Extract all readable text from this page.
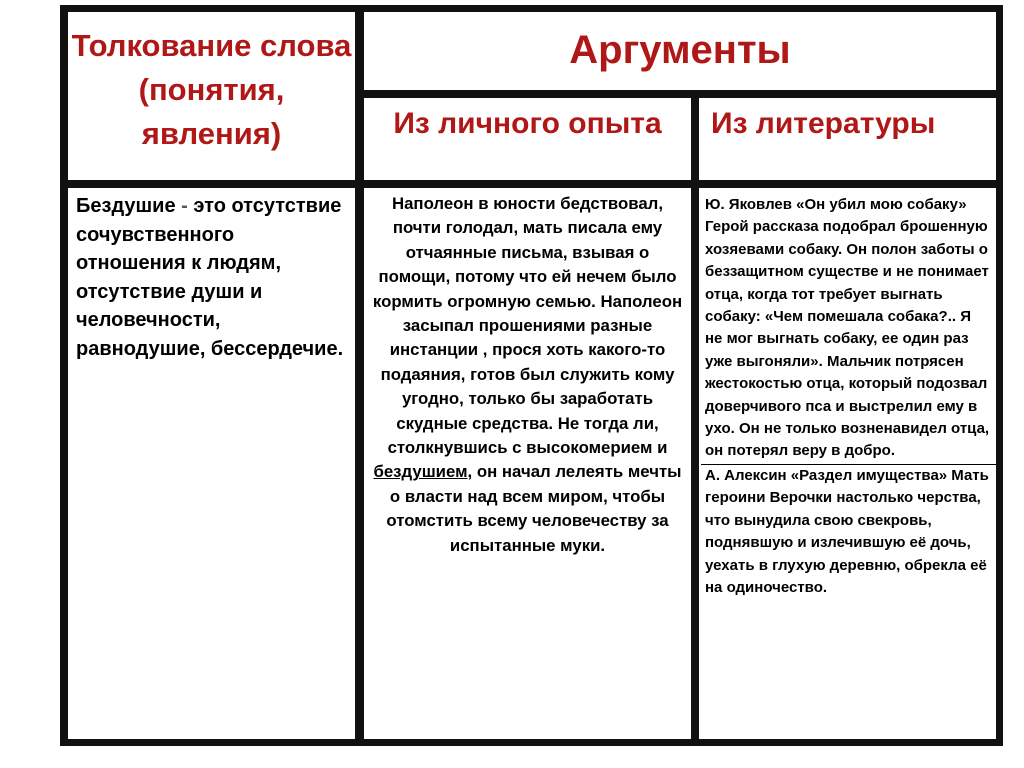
Толкование слова (понятия, явления)
Аргументы
Из личного опыта	Из литературы
Бездушие - это отсутствие сочувственного отношения к людям, отсутствие души и человечности, равнодушие, бессердечие.
Наполеон в юности бедствовал, почти голодал, мать писала ему отчаянные письма, взывая о помощи, потому что ей нечем было кормить огромную семью. Наполеон засыпал прошениями разные инстанции , прося хоть какого-то подаяния, готов был служить кому угодно, только бы заработать скудные средства. Не тогда ли, столкнувшись с высокомерием и бездушием, он начал лелеять мечты о власти над всем миром, чтобы отомстить всему человечеству за испытанные муки.

Ю. Яковлев «Он убил мою собаку» Герой рассказа подобрал брошенную хозяевами собаку. Он полон заботы о беззащитном существе и не понимает отца, когда тот требует выгнать собаку: «Чем помешала собака?.. Я не мог выгнать собаку, ее один раз уже выгоняли». Мальчик потрясен жестокостью отца, который подозвал доверчивого пса и выстрелил ему в ухо. Он не только возненавидел отца, он потерял веру в добро.

А. Алексин «Раздел имущества» Мать героини Верочки настолько черства, что вынудила свою свекровь, поднявшую и излечившую её дочь, уехать в глухую деревню, обрекла её на одиночество.
